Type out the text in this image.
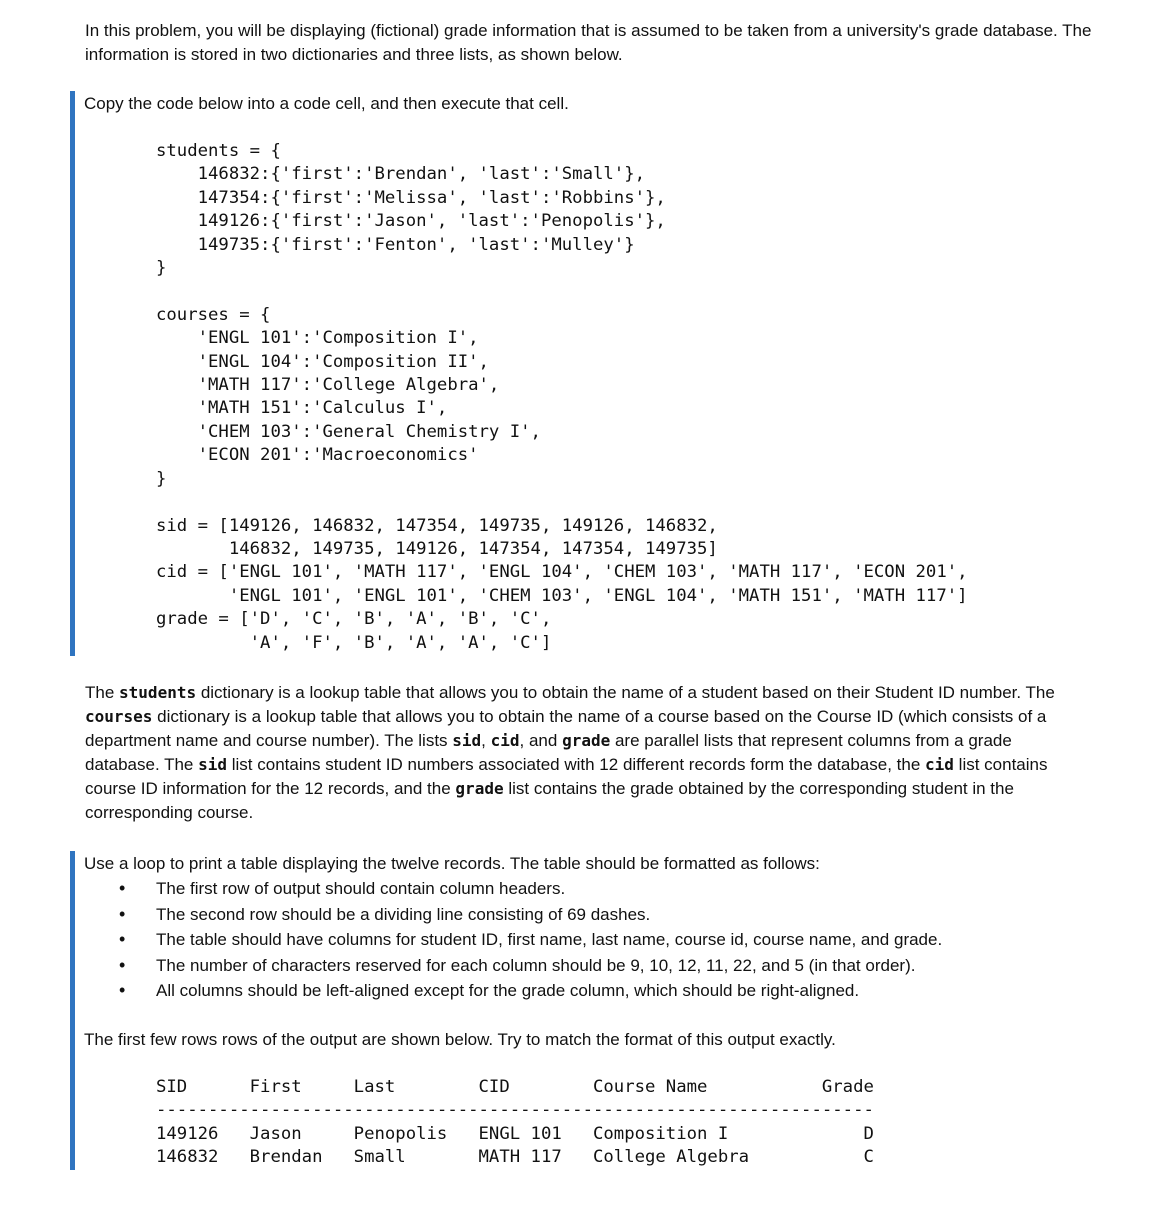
In this problem, you will be displaying (fictional) grade information that is assumed to be taken from a university's grade database. The information is stored in two dictionaries and three lists, as shown below.

Copy the code below into a code cell, and then execute that cell.

students = {
146832:{'first':'Brendan', 'last':'Small'},
147354:{'first':'Melissa', 'last':'Robbins'},
149126:{'first':'Jason', 'last':'Penopolis'},
149735:{'first':'Fenton', 'last':'Mulley'}
}

courses = {
'ENGL 101':'Composition I',
'ENGL 104':'Composition II',
'MATH 117':'College Algebra',
'MATH 151':'Calculus I',
'CHEM 103':'General Chemistry I',
'ECON 201':'Macroeconomics'
}

sid = [149126, 146832, 147354, 149735, 149126, 146832,
146832, 149735, 149126, 147354, 147354, 149735]
cid = ['ENGL 101', 'MATH 117', 'ENGL 104', 'CHEM 103', 'MATH 117', 'ECON 201',
'ENGL 101', 'ENGL 101', 'CHEM 103', 'ENGL 104', 'MATH 151', 'MATH 117']
grade = ['D', 'C', 'B', 'A', 'B', 'C',
'A', 'F', 'B', 'A', 'A', 'C']

The students dictionary is a lookup table that allows you to obtain the name of a student based on their Student ID number. The courses dictionary is a lookup table that allows you to obtain the name of a course based on the Course ID (which consists of a department name and course number). The lists sid, cid, and grade are parallel lists that represent columns from a grade database. The sid list contains student ID numbers associated with 12 different records form the database, the cid list contains course ID information for the 12 records, and the grade list contains the grade obtained by the corresponding student in the corresponding course.

Use a loop to print a table displaying the twelve records. The table should be formatted as follows:

• The first row of output should contain column headers.
• The second row should be a dividing line consisting of 69 dashes.
• The table should have columns for student ID, first name, last name, course id, course name, and grade.
• The number of characters reserved for each column should be 9, 10, 12, 11, 22, and 5 (in that order).
• All columns should be left-aligned except for the grade column, which should be right-aligned.

The first few rows rows of the output are shown below. Try to match the format of this output exactly.

SID      First     Last        CID        Course Name           Grade
---------------------------------------------------------------------
149126   Jason     Penopolis   ENGL 101   Composition I             D
146832   Brendan   Small       MATH 117   College Algebra           C
